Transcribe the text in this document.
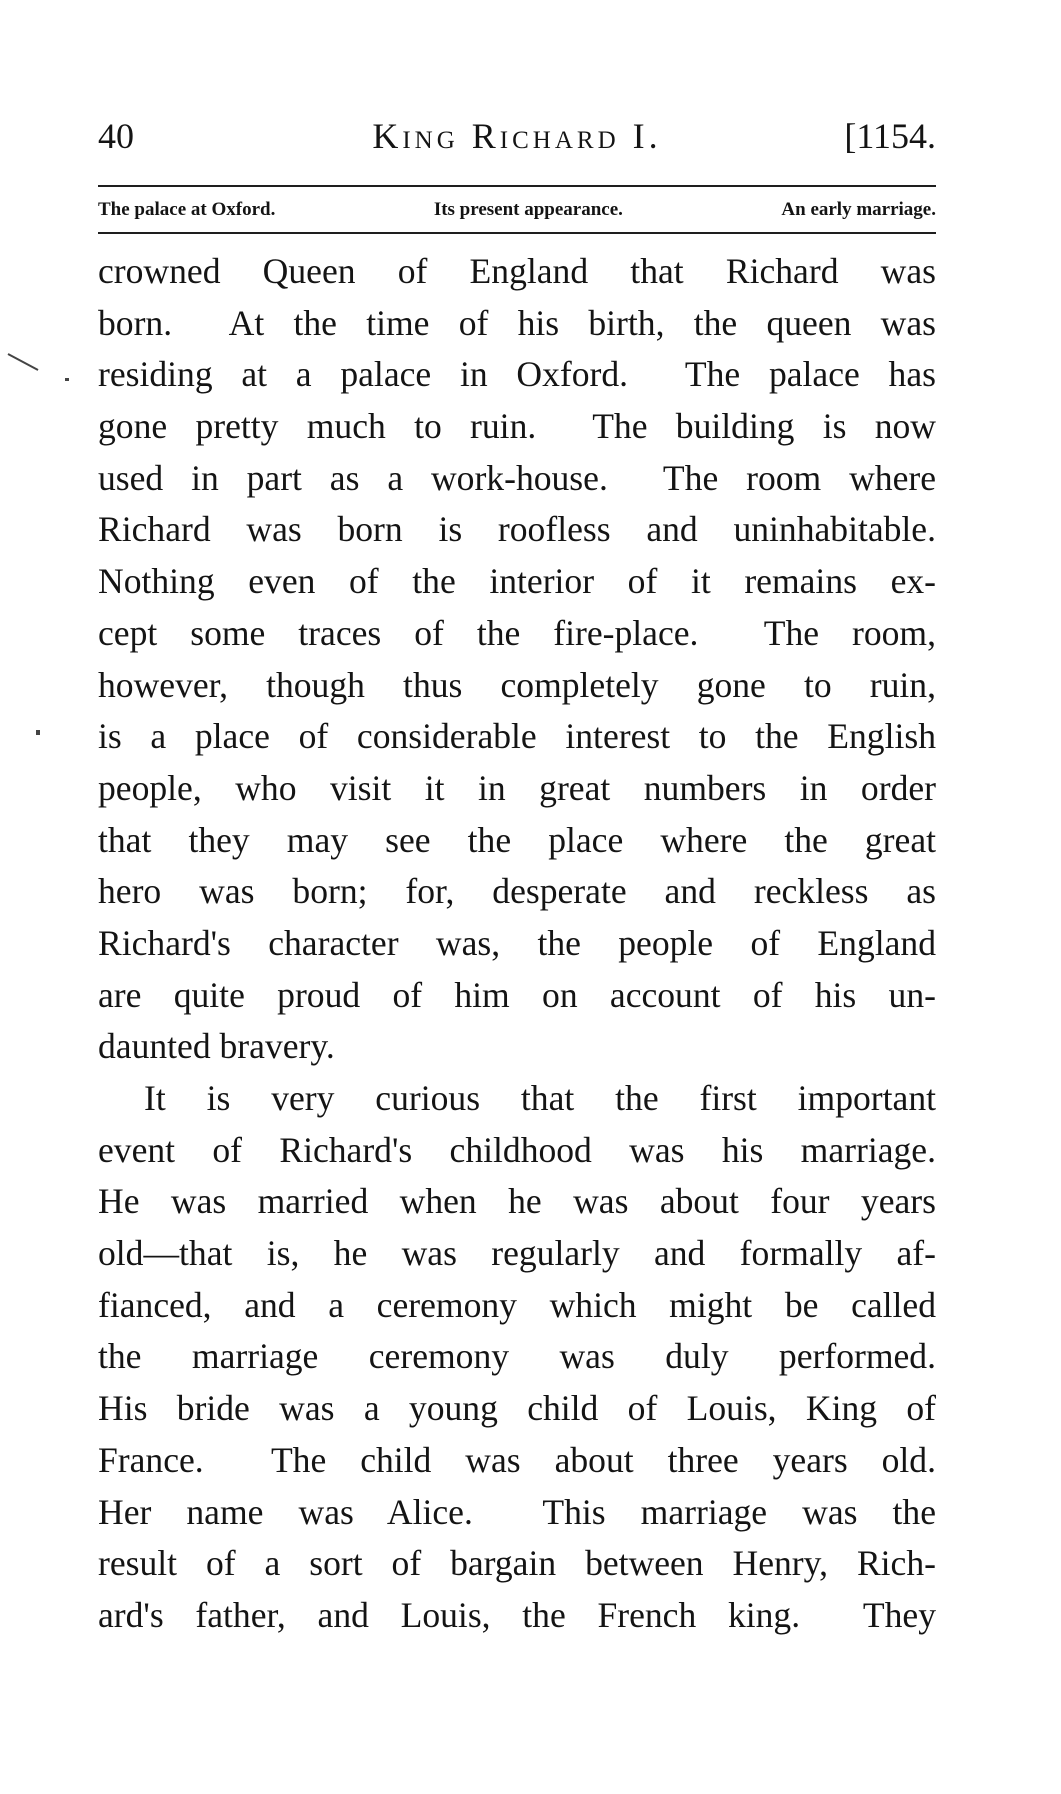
King Richard I.
40	[1154.
The palace at Oxford.	Its present appearance.	An early marriage.
crowned Queen of England that Richard was
born.  At the time of his birth, the queen was
residing at a palace in Oxford.  The palace has
gone pretty much to ruin.  The building is now
used in part as a work-house.  The room where
Richard was born is roofless and uninhabitable.
Nothing even of the interior of it remains ex-
cept some traces of the fire-place.  The room,
however, though thus completely gone to ruin,
is a place of considerable interest to the English
people, who visit it in great numbers in order
that they may see the place where the great
hero was born; for, desperate and reckless as
Richard's character was, the people of England
are quite proud of him on account of his un-
daunted bravery.
It is very curious that the first important
event of Richard's childhood was his marriage.
He was married when he was about four years
old—that is, he was regularly and formally af-
fianced, and a ceremony which might be called
the marriage ceremony was duly performed.
His bride was a young child of Louis, King of
France.  The child was about three years old.
Her name was Alice.  This marriage was the
result of a sort of bargain between Henry, Rich-
ard's father, and Louis, the French king.  They
